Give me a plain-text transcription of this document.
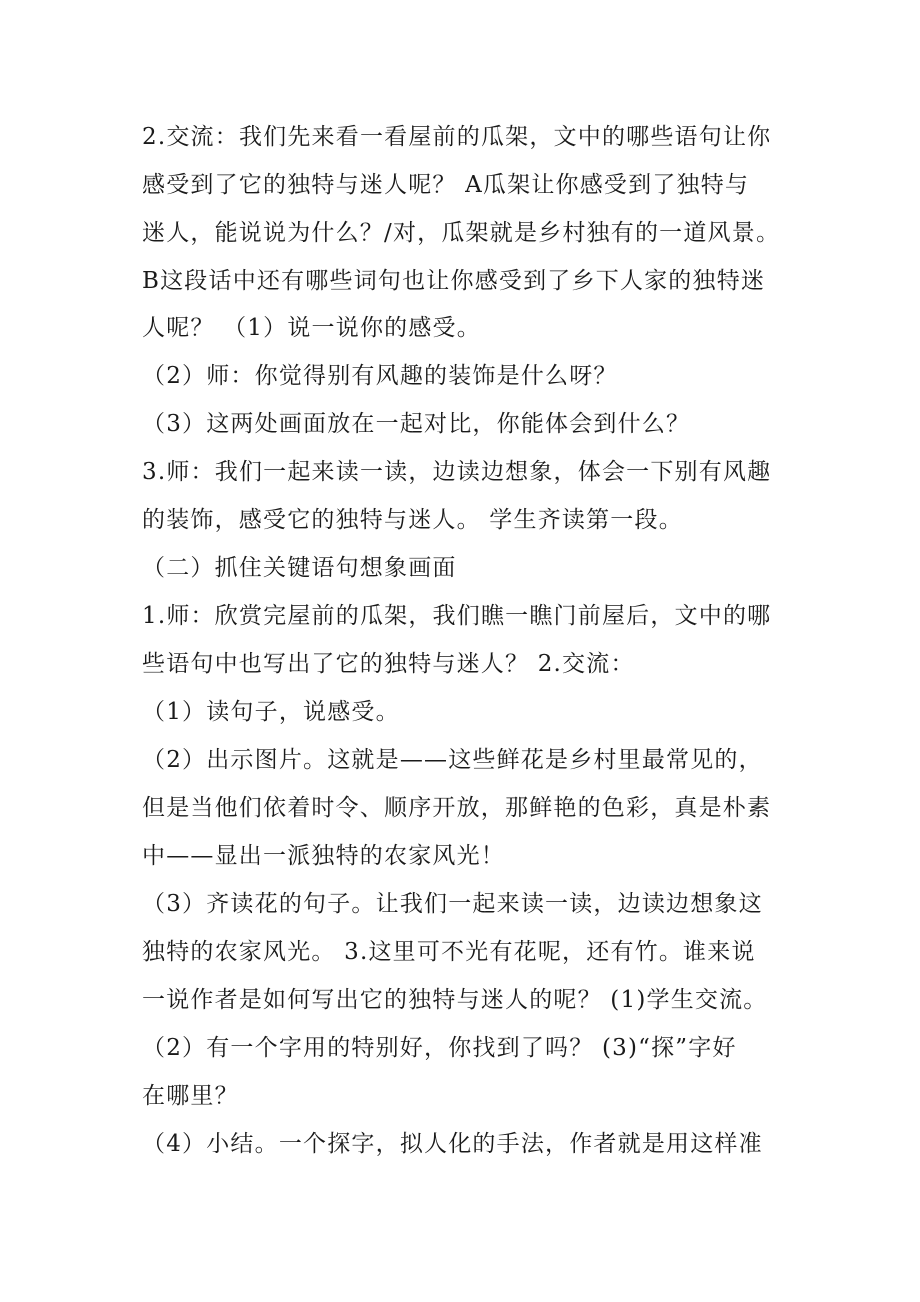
2.交流：我们先来看一看屋前的瓜架，文中的哪些语句让你
感受到了它的独特与迷人呢？ A瓜架让你感受到了独特与
迷人，能说说为什么？/对，瓜架就是乡村独有的一道风景。
B这段话中还有哪些词句也让你感受到了乡下人家的独特迷
人呢？ （1）说一说你的感受。
（2）师：你觉得别有风趣的装饰是什么呀？
（3）这两处画面放在一起对比，你能体会到什么？
3.师：我们一起来读一读，边读边想象，体会一下别有风趣
的装饰，感受它的独特与迷人。 学生齐读第一段。
（二）抓住关键语句想象画面
1.师：欣赏完屋前的瓜架，我们瞧一瞧门前屋后，文中的哪
些语句中也写出了它的独特与迷人？ 2.交流：
（1）读句子，说感受。
（2）出示图片。这就是——这些鲜花是乡村里最常见的，
但是当他们依着时令、顺序开放，那鲜艳的色彩，真是朴素
中——显出一派独特的农家风光！
（3）齐读花的句子。让我们一起来读一读，边读边想象这
独特的农家风光。 3.这里可不光有花呢，还有竹。谁来说
一说作者是如何写出它的独特与迷人的呢？ (1)学生交流。
（2）有一个字用的特别好，你找到了吗？ (3)“探”字好
在哪里？
（4）小结。一个探字，拟人化的手法，作者就是用这样准
